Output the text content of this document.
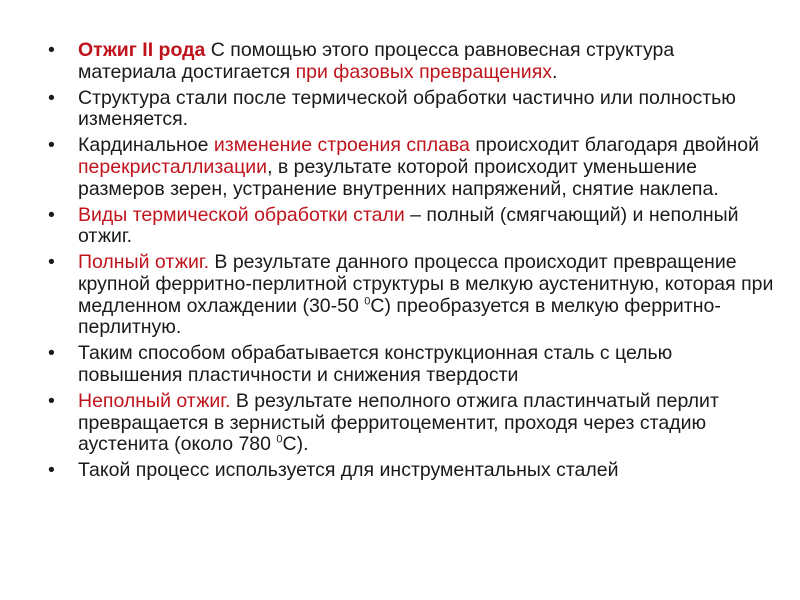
• Отжиг II рода С помощью этого процесса равновесная структура материала достигается при фазовых превращениях.
• Структура стали после термической обработки частично или полностью изменяется.
• Кардинальное изменение строения сплава происходит благодаря двойной перекристаллизации, в результате которой происходит уменьшение размеров зерен, устранение внутренних напряжений, снятие наклепа.
• Виды термической обработки стали – полный (смягчающий) и неполный отжиг.
• Полный отжиг. В результате данного процесса происходит превращение крупной ферритно-перлитной структуры в мелкую аустенитную, которая при медленном охлаждении (30-50 $^0$С) преобразуется в мелкую ферритно-перлитную.
• Таким способом обрабатывается конструкционная сталь с целью повышения пластичности и снижения твердости
• Неполный отжиг. В результате неполного отжига пластинчатый перлит превращается в зернистый ферритоцементит, проходя через стадию аустенита (около 780 $^0$С).
• Такой процесс используется для инструментальных сталей
